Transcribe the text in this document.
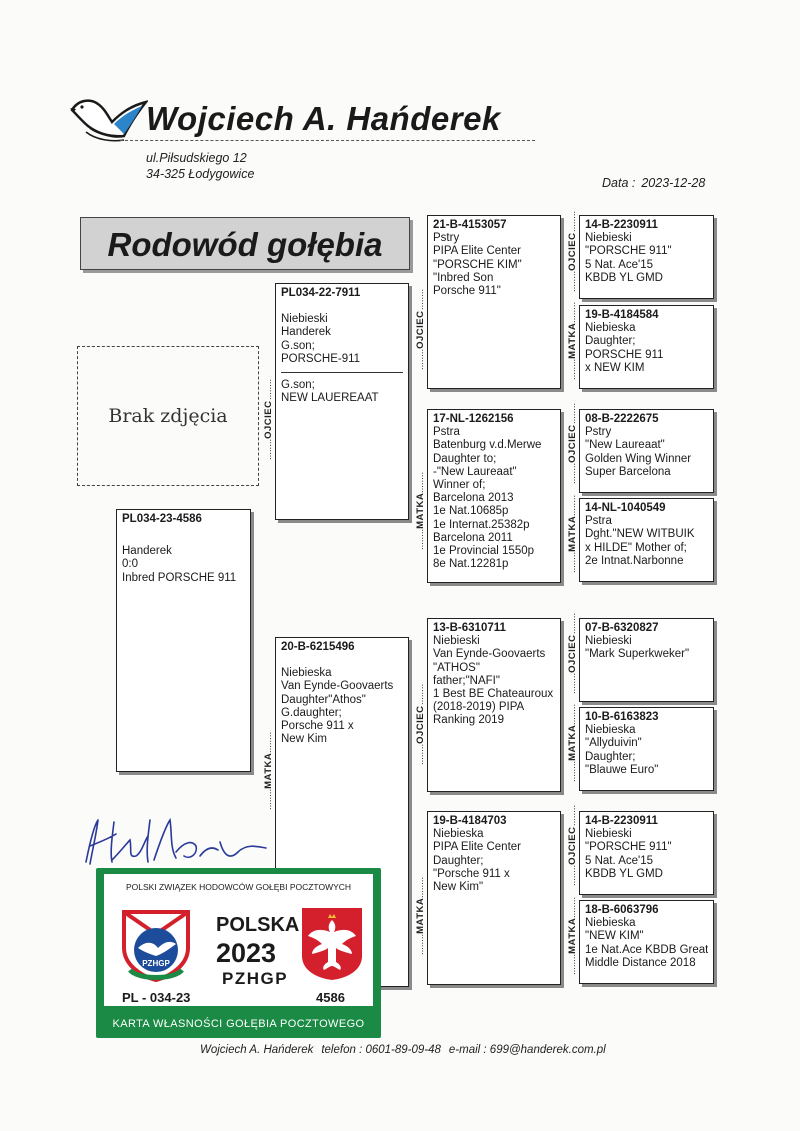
Wojciech A. Hańderek
ul.Piłsudskiego 12
34-325 Łodygowice
Data : 2023-12-28
Rodowód gołębia
Brak zdjęcia
PL034-23-4586
Handerek
0:0
Inbred PORSCHE 911
........ OJCIEC ........
PL034-22-7911
Niebieski
Handerek
G.son;
PORSCHE-911
G.son;
NEW LAUEREAAT
........ MATKA ........
20-B-6215496
Niebieska
Van Eynde-Goovaerts
Daughter"Athos"
G.daughter;
Porsche 911 x
New Kim
........ OJCIEC ........
21-B-4153057
Pstry
PIPA Elite Center
"PORSCHE KIM"
"Inbred Son
Porsche 911"
........ MATKA ........
17-NL-1262156
Pstra
Batenburg v.d.Merwe
Daughter to;
-"New Laureaat"
Winner of;
Barcelona 2013
1e Nat.10685p
1e Internat.25382p
Barcelona 2011
1e Provincial 1550p
8e Nat.12281p
........ OJCIEC ........
13-B-6310711
Niebieski
Van Eynde-Goovaerts
"ATHOS"
father;"NAFI"
1 Best BE Chateauroux
(2018-2019) PIPA
Ranking 2019
........ MATKA ........
19-B-4184703
Niebieska
PIPA Elite Center
Daughter;
"Porsche 911 x
New Kim"
........ OJCIEC ........
14-B-2230911
Niebieski
"PORSCHE 911"
5 Nat. Ace'15
KBDB YL GMD
........ MATKA ........
19-B-4184584
Niebieska
Daughter;
PORSCHE 911
x NEW KIM
........ OJCIEC ........
08-B-2222675
Pstry
"New Laureaat"
Golden Wing Winner
Super Barcelona
........ MATKA ........
14-NL-1040549
Pstra
Dght."NEW WITBUIK
x HILDE" Mother of;
2e Intnat.Narbonne
........ OJCIEC ........
07-B-6320827
Niebieski
"Mark Superkweker"
........ MATKA ........
10-B-6163823
Niebieska
"Allyduivin"
Daughter;
"Blauwe Euro"
........ OJCIEC ........
14-B-2230911
Niebieski
"PORSCHE 911"
5 Nat. Ace'15
KBDB YL GMD
........ MATKA ........
18-B-6063796
Niebieska
"NEW KIM"
1e Nat.Ace KBDB Great
Middle Distance 2018
POLSKI ZWIĄZEK HODOWCÓW GOŁĘBI POCZTOWYCH
PZHGP
POLSKA
2023
PZHGP
PL - 034-23	4586
KARTA WŁASNOŚCI GOŁĘBIA POCZTOWEGO
Wojciech A. Hańderek telefon : 0601-89-09-48 e-mail : 699@handerek.com.pl
